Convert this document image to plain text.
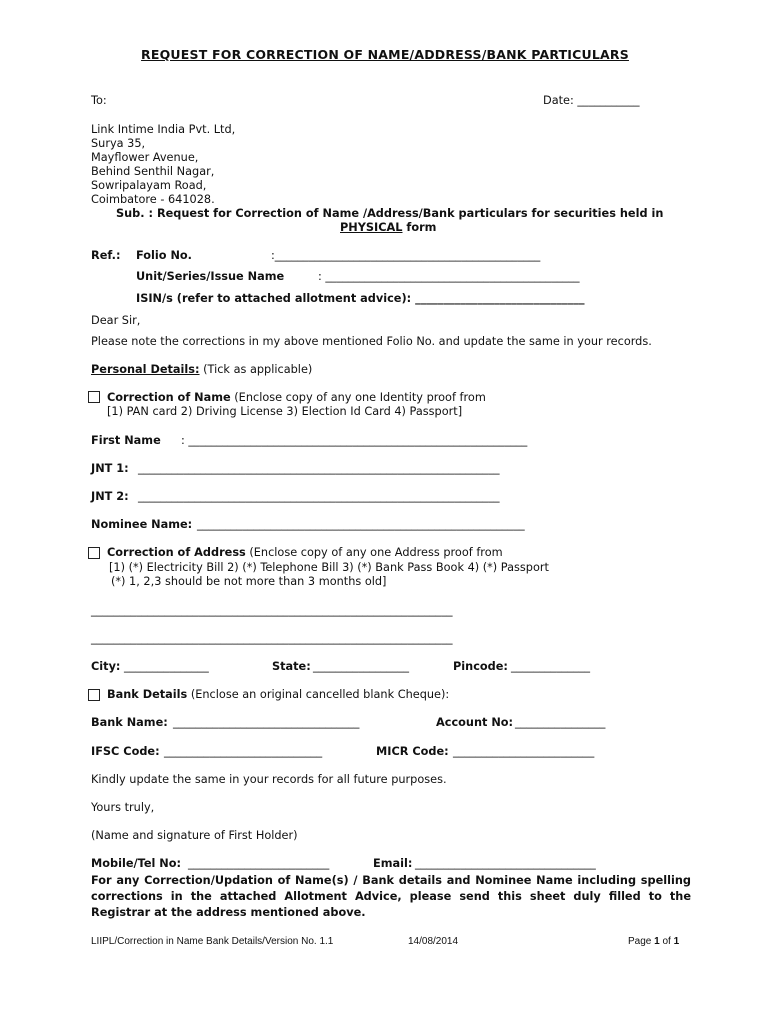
REQUEST FOR CORRECTION OF NAME/ADDRESS/BANK PARTICULARS
To:	Date: ___________
Link Intime India Pvt. Ltd,
Surya 35,
Mayflower Avenue,
Behind Senthil Nagar,
Sowripalayam Road,
Coimbatore - 641028.
Sub. : Request for Correction of Name /Address/Bank particulars for securities held in
PHYSICAL form
Ref.: Folio No.	:_______________________________________________
Unit/Series/Issue Name	: _____________________________________________
ISIN/s (refer to attached allotment advice): ______________________________
Dear Sir,
Please note the corrections in my above mentioned Folio No. and update the same in your records.
Personal Details: (Tick as applicable)
Correction of Name (Enclose copy of any one Identity proof from
[1) PAN card 2) Driving License 3) Election Id Card 4) Passport]
First Name : ____________________________________________________________
JNT 1: ________________________________________________________________
JNT 2: ________________________________________________________________
Nominee Name: __________________________________________________________
Correction of Address (Enclose copy of any one Address proof from
[1) (*) Electricity Bill 2) (*) Telephone Bill 3) (*) Bank Pass Book 4) (*) Passport
(*) 1, 2,3 should be not more than 3 months old]
________________________________________________________________
________________________________________________________________
City: _______________	State: _________________	Pincode: ______________
Bank Details (Enclose an original cancelled blank Cheque):
Bank Name: _________________________________	Account No: ________________
IFSC Code: ____________________________	MICR Code: _________________________
Kindly update the same in your records for all future purposes.
Yours truly,
(Name and signature of First Holder)
Mobile/Tel No: _________________________	Email: ________________________________
For any Correction/Updation of Name(s) / Bank details and Nominee Name including spelling corrections in the attached Allotment Advice, please send this sheet duly filled to the Registrar at the address mentioned above.
LIIPL/Correction in Name Bank Details/Version No. 1.1	14/08/2014	Page 1 of 1
